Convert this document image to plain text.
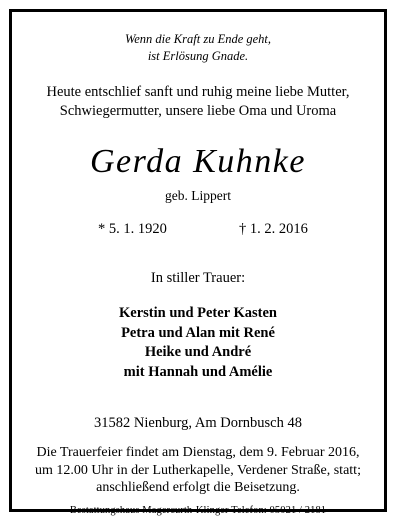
Wenn die Kraft zu Ende geht,
ist Erlösung Gnade.
Heute entschlief sanft und ruhig meine liebe Mutter,
Schwiegermutter, unsere liebe Oma und Uroma
Gerda Kuhnke
geb. Lippert
* 5. 1. 1920	† 1. 2. 2016
In stiller Trauer:
Kerstin und Peter Kasten
Petra und Alan mit René
Heike und André
mit Hannah und Amélie
31582 Nienburg, Am Dornbusch 48
Die Trauerfeier findet am Dienstag, dem 9. Februar 2016,
um 12.00 Uhr in der Lutherkapelle, Verdener Straße, statt;
anschließend erfolgt die Beisetzung.
Bestattungshaus Magercurth-Klinger Telefon: 05021 / 2181
